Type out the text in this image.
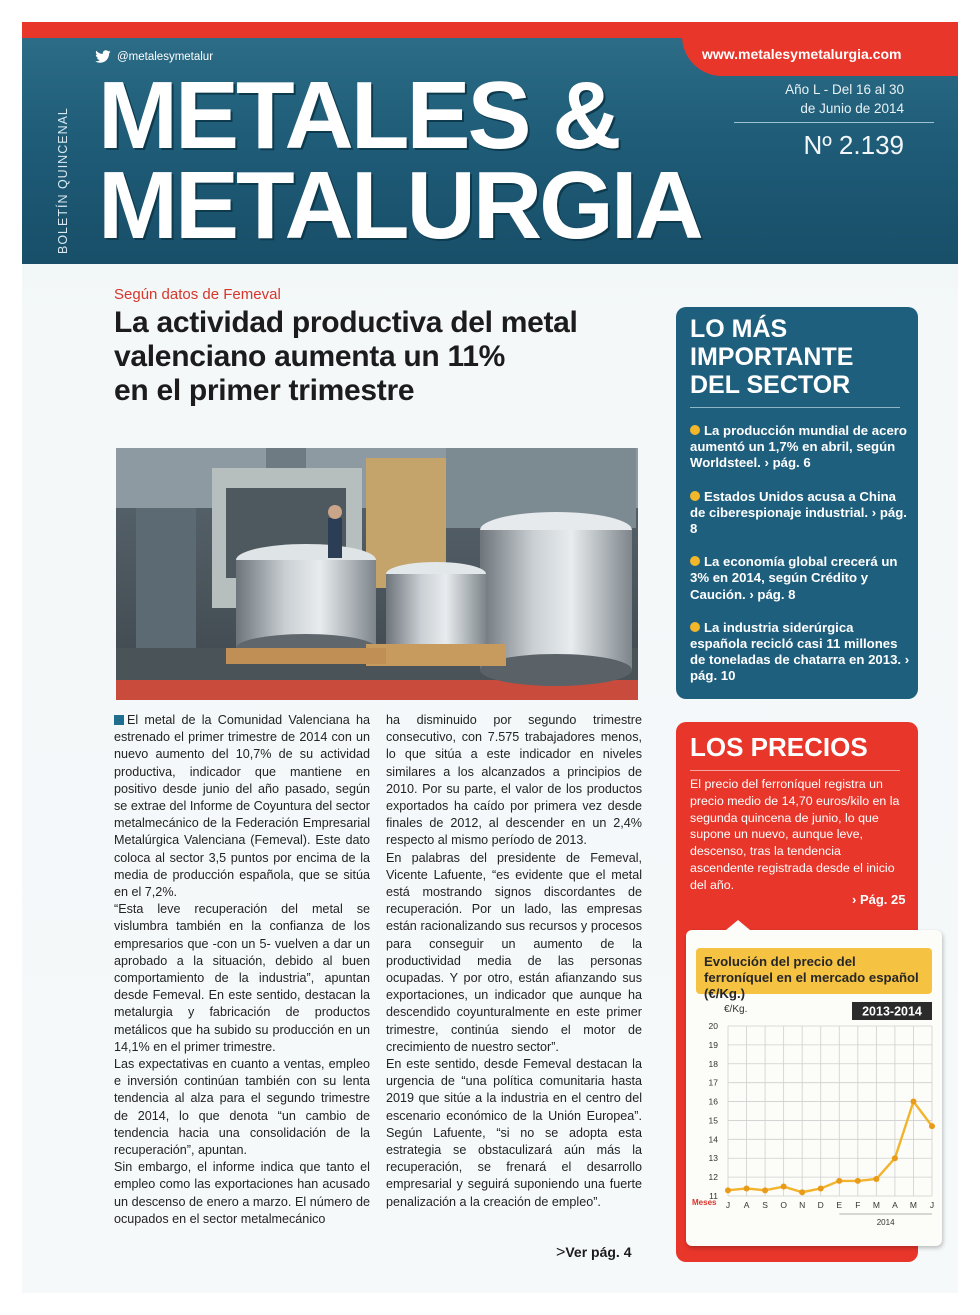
www.metalesymetalurgia.com
BOLETÍN QUINCENAL
@metalesymetalur
METALES &
METALURGIA
Año L - Del 16 al 30
de Junio de 2014
Nº 2.139
Según datos de Femeval
La actividad productiva del metal
valenciano aumenta un 11%
en el primer trimestre

El metal de la Comunidad Valenciana ha estrenado el primer trimestre de 2014 con un nuevo aumento del 10,7% de su actividad productiva, indicador que mantiene en positivo desde junio del año pasado, según se extrae del Informe de Coyuntura del sector metalmecánico de la Federación Empresarial Metalúrgica Valenciana (Femeval). Este dato coloca al sector 3,5 puntos por encima de la media de producción española, que se sitúa en el 7,2%.

“Esta leve recuperación del metal se vislumbra también en la confianza de los empresarios que -con un 5- vuelven a dar un aprobado a la situación, debido al buen comportamiento de la industria”, apuntan desde Femeval. En este sentido, destacan la metalurgia y fabricación de productos metálicos que ha subido su producción en un 14,1% en el primer trimestre.

Las expectativas en cuanto a ventas, empleo e inversión continúan también con su lenta tendencia al alza para el segundo trimestre de 2014, lo que denota “un cambio de tendencia hacia una consolidación de la recuperación”, apuntan.

Sin embargo, el informe indica que tanto el empleo como las exportaciones han acusado un descenso de enero a marzo. El número de ocupados en el sector metalmecánico

ha disminuido por segundo trimestre consecutivo, con 7.575 trabajadores menos, lo que sitúa a este indicador en niveles similares a los alcanzados a principios de 2010. Por su parte, el valor de los productos exportados ha caído por primera vez desde finales de 2012, al descender en un 2,4% respecto al mismo período de 2013.

En palabras del presidente de Femeval, Vicente Lafuente, “es evidente que el metal está mostrando signos discordantes de recuperación. Por un lado, las empresas están racionalizando sus recursos y procesos para conseguir un aumento de la productividad media de las personas ocupadas. Y por otro, están afianzando sus exportaciones, un indicador que aunque ha descendido coyunturalmente en este primer trimestre, continúa siendo el motor de crecimiento de nuestro sector”.

En este sentido, desde Femeval destacan la urgencia de “una política comunitaria hasta 2019 que sitúe a la industria en el centro del escenario económico de la Unión Europea”. Según Lafuente, “si no se adopta esta estrategia se obstaculizará aún más la recuperación, se frenará el desarrollo empresarial y seguirá suponiendo una fuerte penalización a la creación de empleo”.

>Ver pág. 4
LO MÁS
IMPORTANTE
DEL SECTOR
La producción mundial de acero aumentó un 1,7% en abril, según Worldsteel. › pág. 6
Estados Unidos acusa a China de ciberespionaje industrial. › pág. 8
La economía global crecerá un 3% en 2014, según Crédito y Caución. › pág. 8
La industria siderúrgica española recicló casi 11 millones de toneladas de chatarra en 2013. › pág. 10
LOS PRECIOS
El precio del ferroníquel registra un precio medio de 14,70 euros/kilo en la segunda quincena de junio, lo que supone un nuevo, aunque leve, descenso, tras la tendencia ascendente registrada desde el inicio del año.
› Pág. 25
Evolución del precio del ferroníquel en el mercado español (€/Kg.)
2013-2014
€/Kg.
11
12
13
14
15
16
17
18
19
20
J A S O N D E F M A M J
Meses
2014
